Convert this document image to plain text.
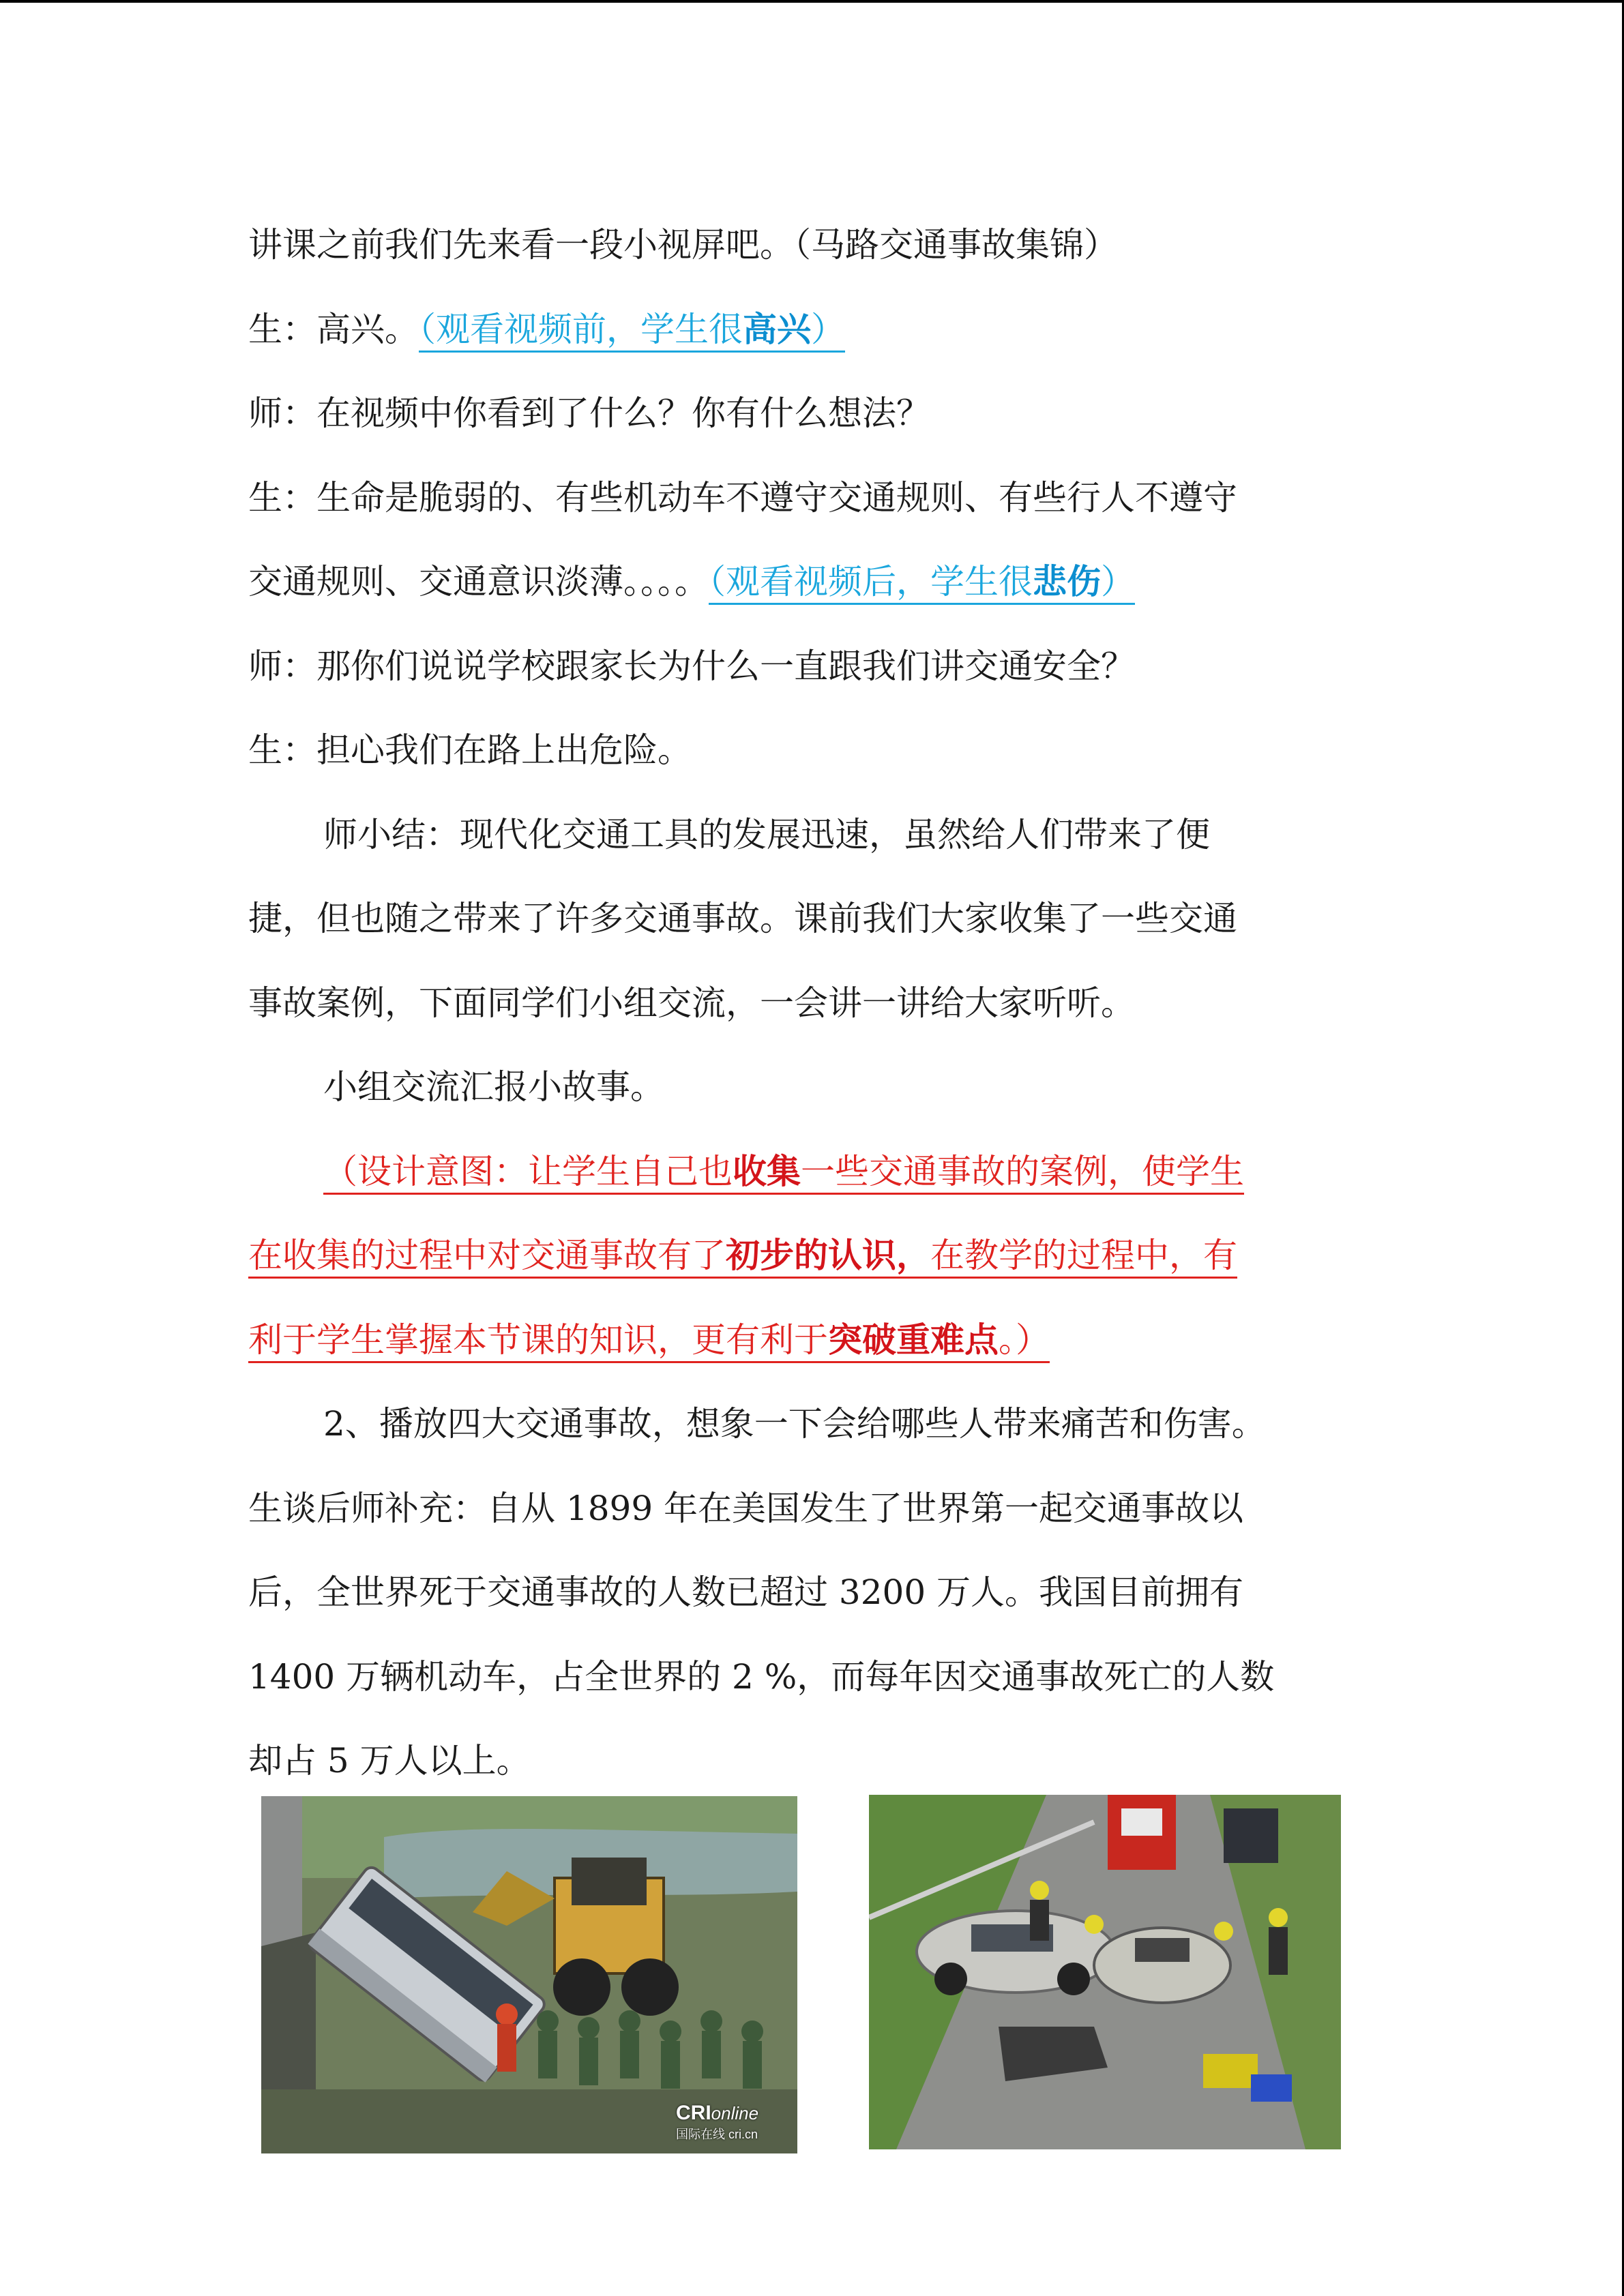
讲课之前我们先来看一段小视屏吧。（马路交通事故集锦）
生：高兴。（观看视频前，学生很高兴）
师：在视频中你看到了什么？你有什么想法？
生：生命是脆弱的、有些机动车不遵守交通规则、有些行人不遵守
交通规则、交通意识淡薄。。。。（观看视频后，学生很悲伤）
师：那你们说说学校跟家长为什么一直跟我们讲交通安全？
生：担心我们在路上出危险。
师小结：现代化交通工具的发展迅速，虽然给人们带来了便
捷，但也随之带来了许多交通事故。课前我们大家收集了一些交通
事故案例，下面同学们小组交流，一会讲一讲给大家听听。
小组交流汇报小故事。
（设计意图：让学生自己也收集一些交通事故的案例，使学生
在收集的过程中对交通事故有了初步的认识，在教学的过程中，有
利于学生掌握本节课的知识，更有利于突破重难点。）
2、播放四大交通事故，想象一下会给哪些人带来痛苦和伤害。
生谈后师补充：自从 1899 年在美国发生了世界第一起交通事故以
后，全世界死于交通事故的人数已超过 3200 万人。我国目前拥有
1400 万辆机动车，占全世界的 2 %，而每年因交通事故死亡的人数
却占 5 万人以上。
CRIonline
国际在线 cri.cn
